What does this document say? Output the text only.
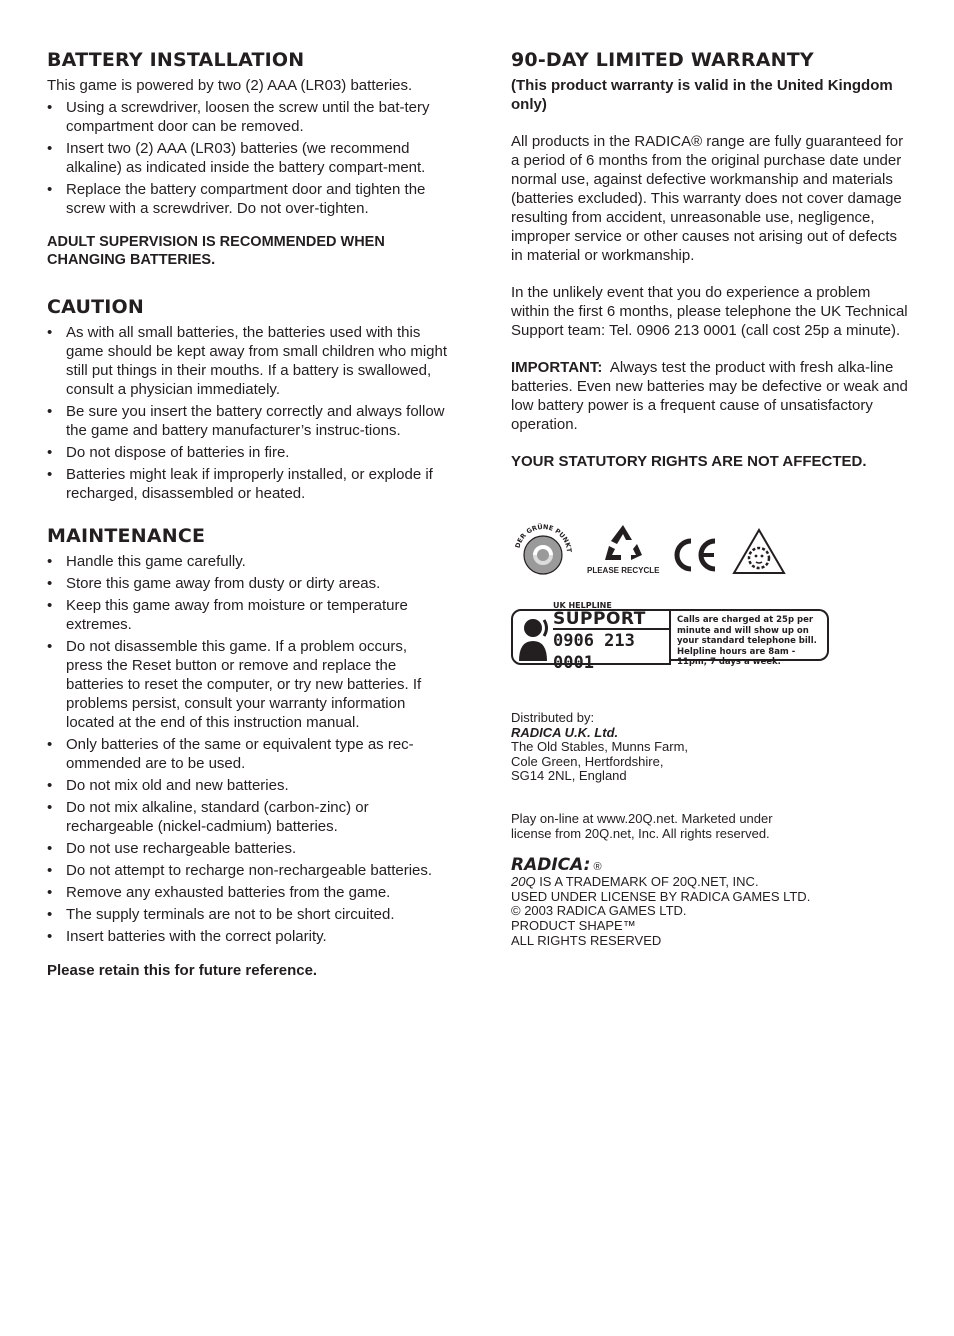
BATTERY INSTALLATION

This game is powered by two (2) AAA (LR03) batteries.

• Using a screwdriver, loosen the screw until the bat-tery compartment door can be removed.
• Insert two (2) AAA (LR03) batteries (we recommend alkaline) as indicated inside the battery compart-ment.
• Replace the battery compartment door and tighten the screw with a screwdriver. Do not over-tighten.

ADULT SUPERVISION IS RECOMMENDED WHEN CHANGING BATTERIES.

CAUTION
• As with all small batteries, the batteries used with this game should be kept away from small children who might still put things in their mouths. If a battery is swallowed, consult a physician immediately.
• Be sure you insert the battery correctly and always follow the game and battery manufacturer’s instruc-tions.
• Do not dispose of batteries in fire.
• Batteries might leak if improperly installed, or explode if recharged, disassembled or heated.
MAINTENANCE
• Handle this game carefully.
• Store this game away from dusty or dirty areas.
• Keep this game away from moisture or temperature extremes.
• Do not disassemble this game. If a problem occurs, press the Reset button or remove and replace the batteries to reset the computer, or try new batteries. If problems persist, consult your warranty information located at the end of this instruction manual.
• Only batteries of the same or equivalent type as rec-ommended are to be used.
• Do not mix old and new batteries.
• Do not mix alkaline, standard (carbon-zinc) or rechargeable (nickel-cadmium) batteries.
• Do not use rechargeable batteries.
• Do not attempt to recharge non-rechargeable batteries.
• Remove any exhausted batteries from the game.
• The supply terminals are not to be short circuited.
• Insert batteries with the correct polarity.

Please retain this for future reference.

90-DAY LIMITED WARRANTY

(This product warranty is valid in the United Kingdom only)

All products in the RADICA® range are fully guaranteed for a period of 6 months from the original purchase date under normal use, against defective workmanship and materials (batteries excluded). This warranty does not cover damage resulting from accident, unreasonable use, negligence, improper service or other causes not arising out of defects in material or workmanship.

In the unlikely event that you do experience a problem within the first 6 months, please telephone the UK Technical Support team: Tel. 0906 213 0001 (call cost 25p a minute).

IMPORTANT: Always test the product with fresh alka-line batteries. Even new batteries may be defective or weak and low battery power is a frequent cause of unsatisfactory operation.

YOUR STATUTORY RIGHTS ARE NOT AFFECTED.

DER GRÜNE PUNKT
PLEASE RECYCLE
UK HELPLINE
SUPPORT
0906 213 0001
Calls are charged at 25p per minute and will show up on your standard telephone bill. Helpline hours are 8am - 11pm, 7 days a week.
Distributed by:
RADICA U.K. Ltd.
The Old Stables, Munns Farm,
Cole Green, Hertfordshire,
SG14 2NL, England
Play on-line at www.20Q.net. Marketed under license from 20Q.net, Inc. All rights reserved.
RADICA: ®
20Q IS A TRADEMARK OF 20Q.NET, INC.
USED UNDER LICENSE BY RADICA GAMES LTD.
© 2003 RADICA GAMES LTD.
PRODUCT SHAPE™
ALL RIGHTS RESERVED
